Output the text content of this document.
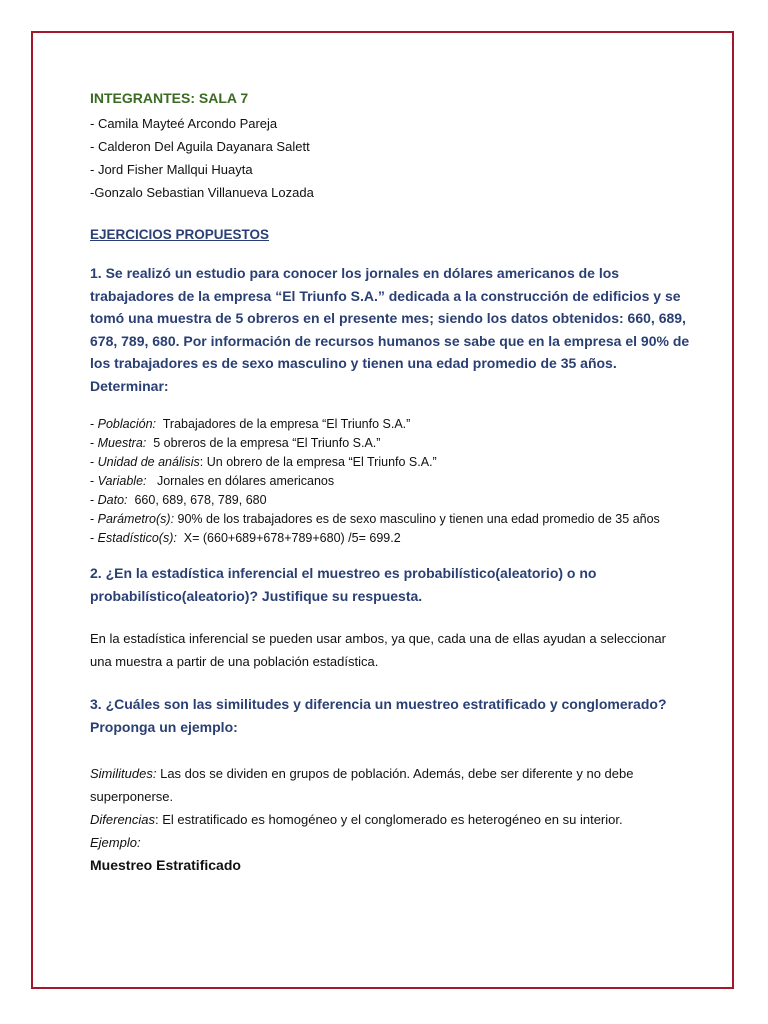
INTEGRANTES: SALA 7

- Camila Mayteé Arcondo Pareja

- Calderon Del Aguila Dayanara Salett

- Jord Fisher Mallqui Huayta

-Gonzalo Sebastian Villanueva Lozada

EJERCICIOS PROPUESTOS

1. Se realizó un estudio para conocer los jornales en dólares americanos de los trabajadores de la empresa “El Triunfo S.A.” dedicada a la construcción de edificios y se tomó una muestra de 5 obreros en el presente mes; siendo los datos obtenidos: 660, 689, 678, 789, 680. Por información de recursos humanos se sabe que en la empresa el 90% de los trabajadores es de sexo masculino y tienen una edad promedio de 35 años.

Determinar:

- Población: Trabajadores de la empresa “El Triunfo S.A.”

- Muestra: 5 obreros de la empresa “El Triunfo S.A.”

- Unidad de análisis: Un obrero de la empresa “El Triunfo S.A.”

- Variable: Jornales en dólares americanos

- Dato: 660, 689, 678, 789, 680

- Parámetro(s): 90% de los trabajadores es de sexo masculino y tienen una edad promedio de 35 años

- Estadístico(s): X= (660+689+678+789+680) /5= 699.2

2. ¿En la estadística inferencial el muestreo es probabilístico(aleatorio) o no probabilístico(aleatorio)? Justifique su respuesta.

En la estadística inferencial se pueden usar ambos, ya que, cada una de ellas ayudan a seleccionar una muestra a partir de una población estadística.

3. ¿Cuáles son las similitudes y diferencia un muestreo estratificado y conglomerado? Proponga un ejemplo:

Similitudes: Las dos se dividen en grupos de población. Además, debe ser diferente y no debe superponerse.

Diferencias: El estratificado es homogéneo y el conglomerado es heterogéneo en su interior.

Ejemplo:

Muestreo Estratificado
